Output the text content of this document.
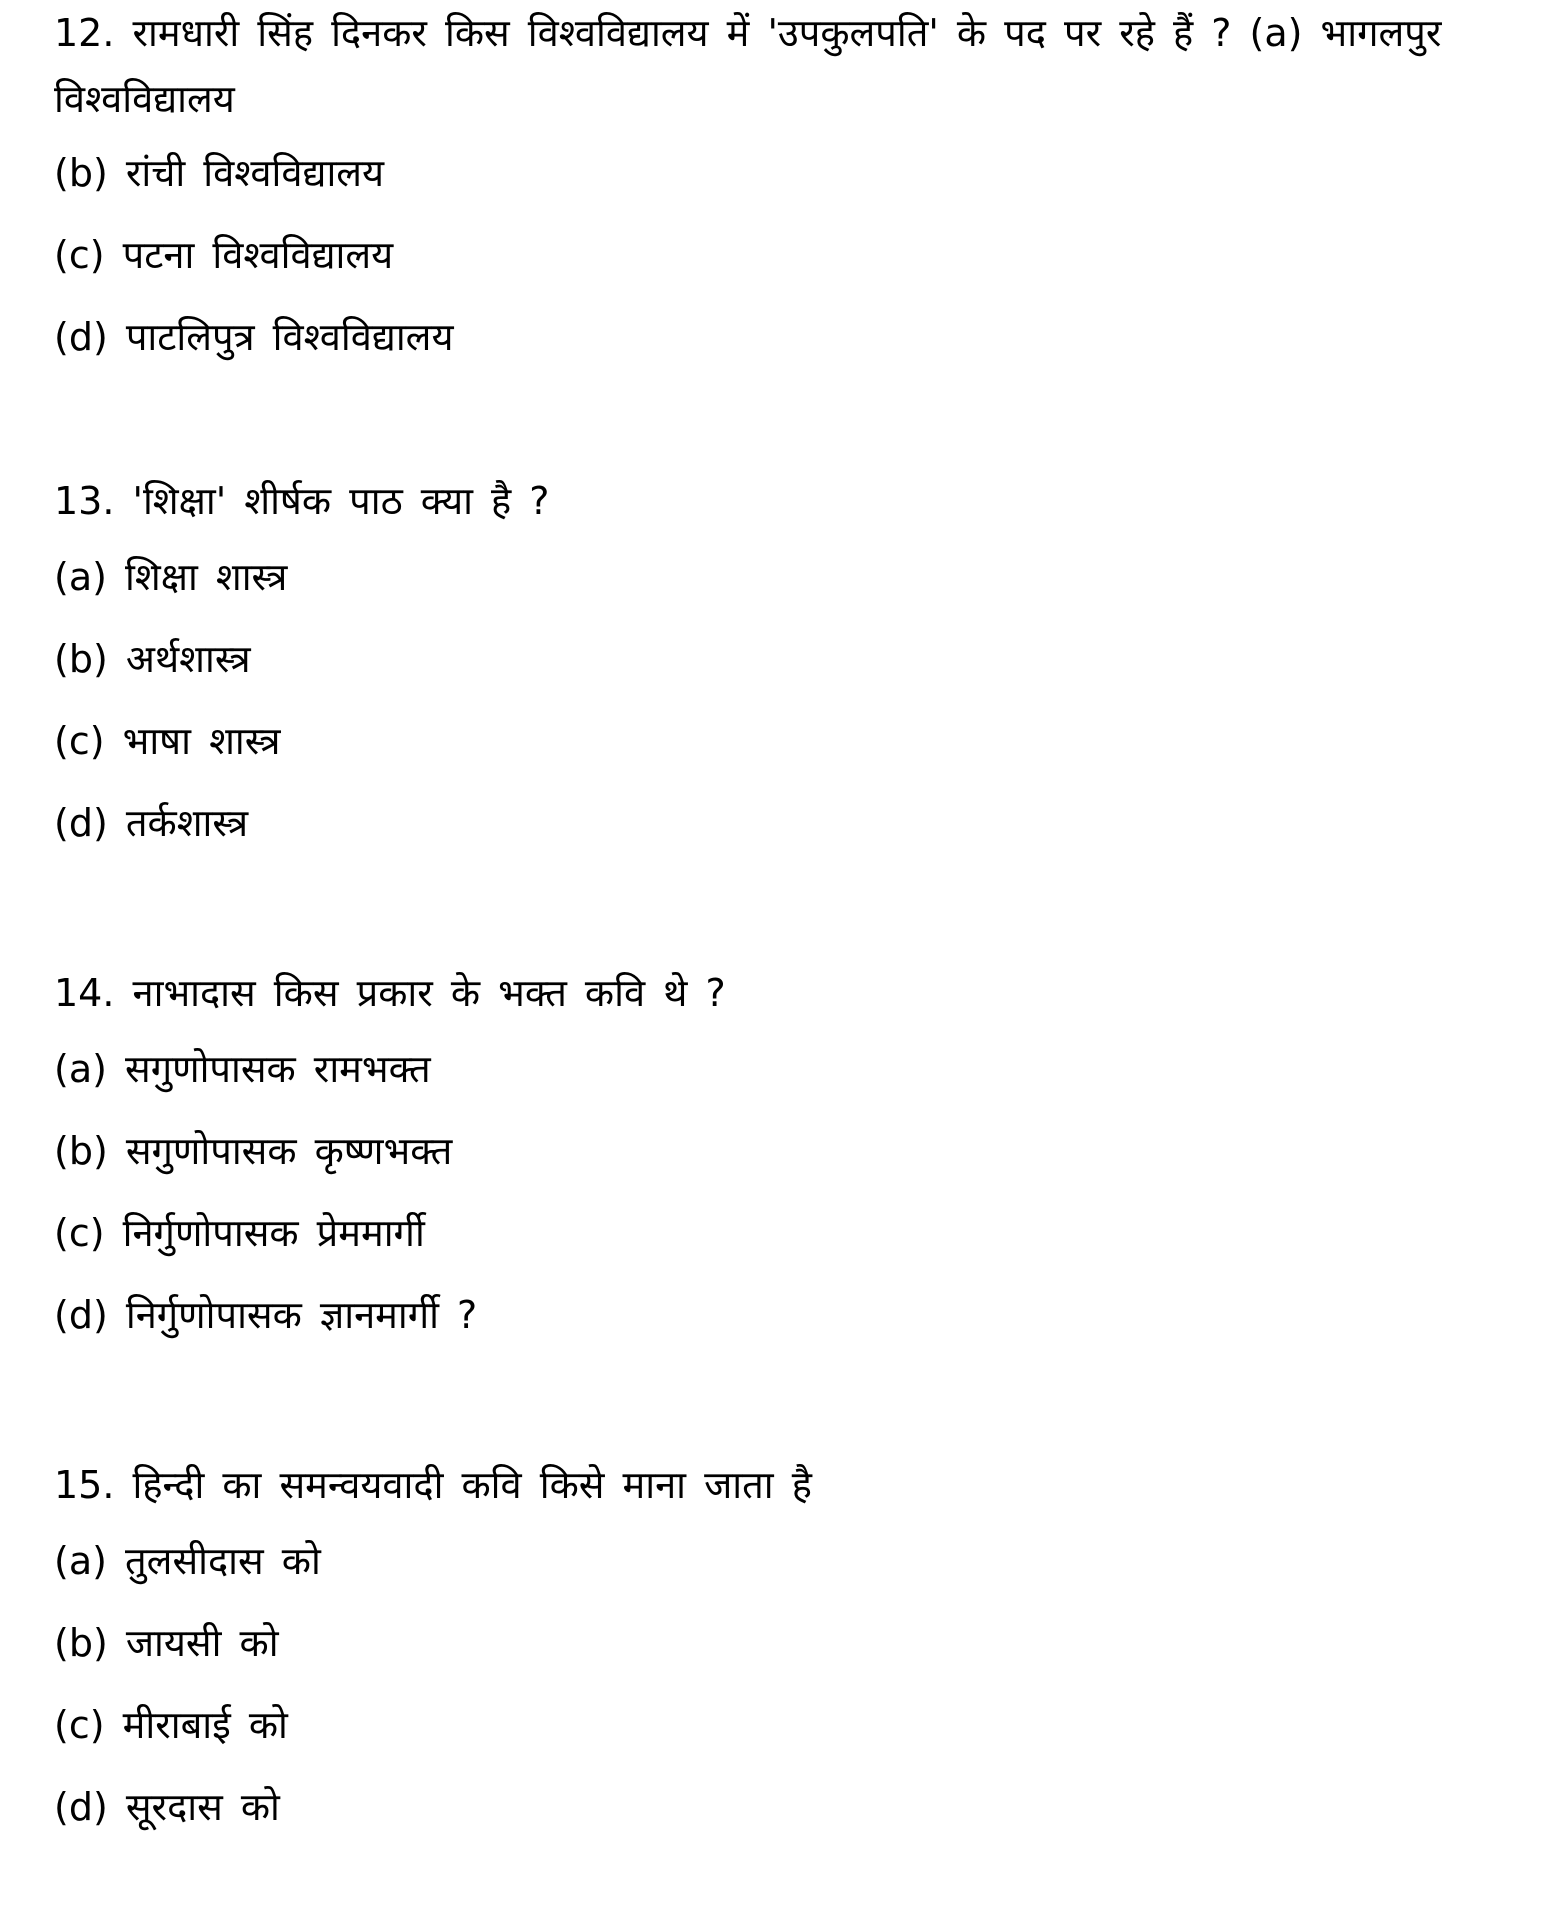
12. रामधारी सिंह दिनकर किस विश्वविद्यालय में 'उपकुलपति' के पद पर रहे हैं ? (a) भागलपुर विश्वविद्यालय

(b) रांची विश्वविद्यालय

(c) पटना विश्वविद्यालय

(d) पाटलिपुत्र विश्वविद्यालय

13. 'शिक्षा' शीर्षक पाठ क्या है ?

(a) शिक्षा शास्त्र

(b) अर्थशास्त्र

(c) भाषा शास्त्र

(d) तर्कशास्त्र

14. नाभादास किस प्रकार के भक्त कवि थे ?

(a) सगुणोपासक रामभक्त

(b) सगुणोपासक कृष्णभक्त

(c) निर्गुणोपासक प्रेममार्गी

(d) निर्गुणोपासक ज्ञानमार्गी ?

15. हिन्दी का समन्वयवादी कवि किसे माना जाता है

(a) तुलसीदास को

(b) जायसी को

(c) मीराबाई को

(d) सूरदास को
